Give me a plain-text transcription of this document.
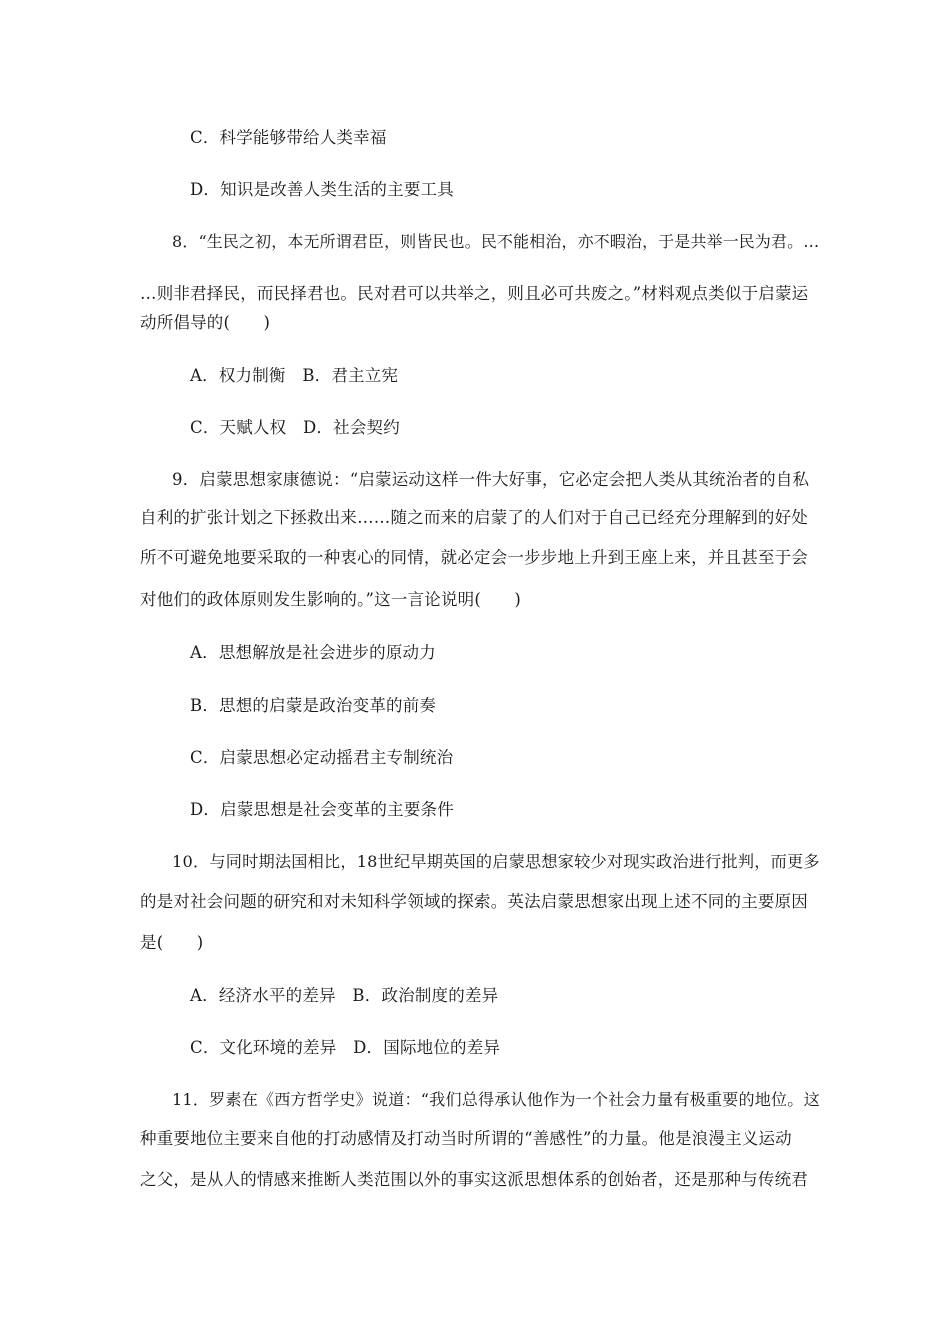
C．科学能够带给人类幸福
D．知识是改善人类生活的主要工具
8．“生民之初，本无所谓君臣，则皆民也。民不能相治，亦不暇治，于是共举一民为君。…
…则非君择民，而民择君也。民对君可以共举之，则且必可共废之。”材料观点类似于启蒙运
动所倡导的(　　)
A．权力制衡　B．君主立宪
C．天赋人权　D．社会契约
9．启蒙思想家康德说：“启蒙运动这样一件大好事，它必定会把人类从其统治者的自私
自利的扩张计划之下拯救出来……随之而来的启蒙了的人们对于自己已经充分理解到的好处
所不可避免地要采取的一种衷心的同情，就必定会一步步地上升到王座上来，并且甚至于会
对他们的政体原则发生影响的。”这一言论说明(　　)
A．思想解放是社会进步的原动力
B．思想的启蒙是政治变革的前奏
C．启蒙思想必定动摇君主专制统治
D．启蒙思想是社会变革的主要条件
10．与同时期法国相比，18世纪早期英国的启蒙思想家较少对现实政治进行批判，而更多
的是对社会问题的研究和对未知科学领域的探索。英法启蒙思想家出现上述不同的主要原因
是(　　)
A．经济水平的差异　B．政治制度的差异
C．文化环境的差异　D．国际地位的差异
11．罗素在《西方哲学史》说道：“我们总得承认他作为一个社会力量有极重要的地位。这
种重要地位主要来自他的打动感情及打动当时所谓的“善感性”的力量。他是浪漫主义运动
之父，是从人的情感来推断人类范围以外的事实这派思想体系的创始者，还是那种与传统君
